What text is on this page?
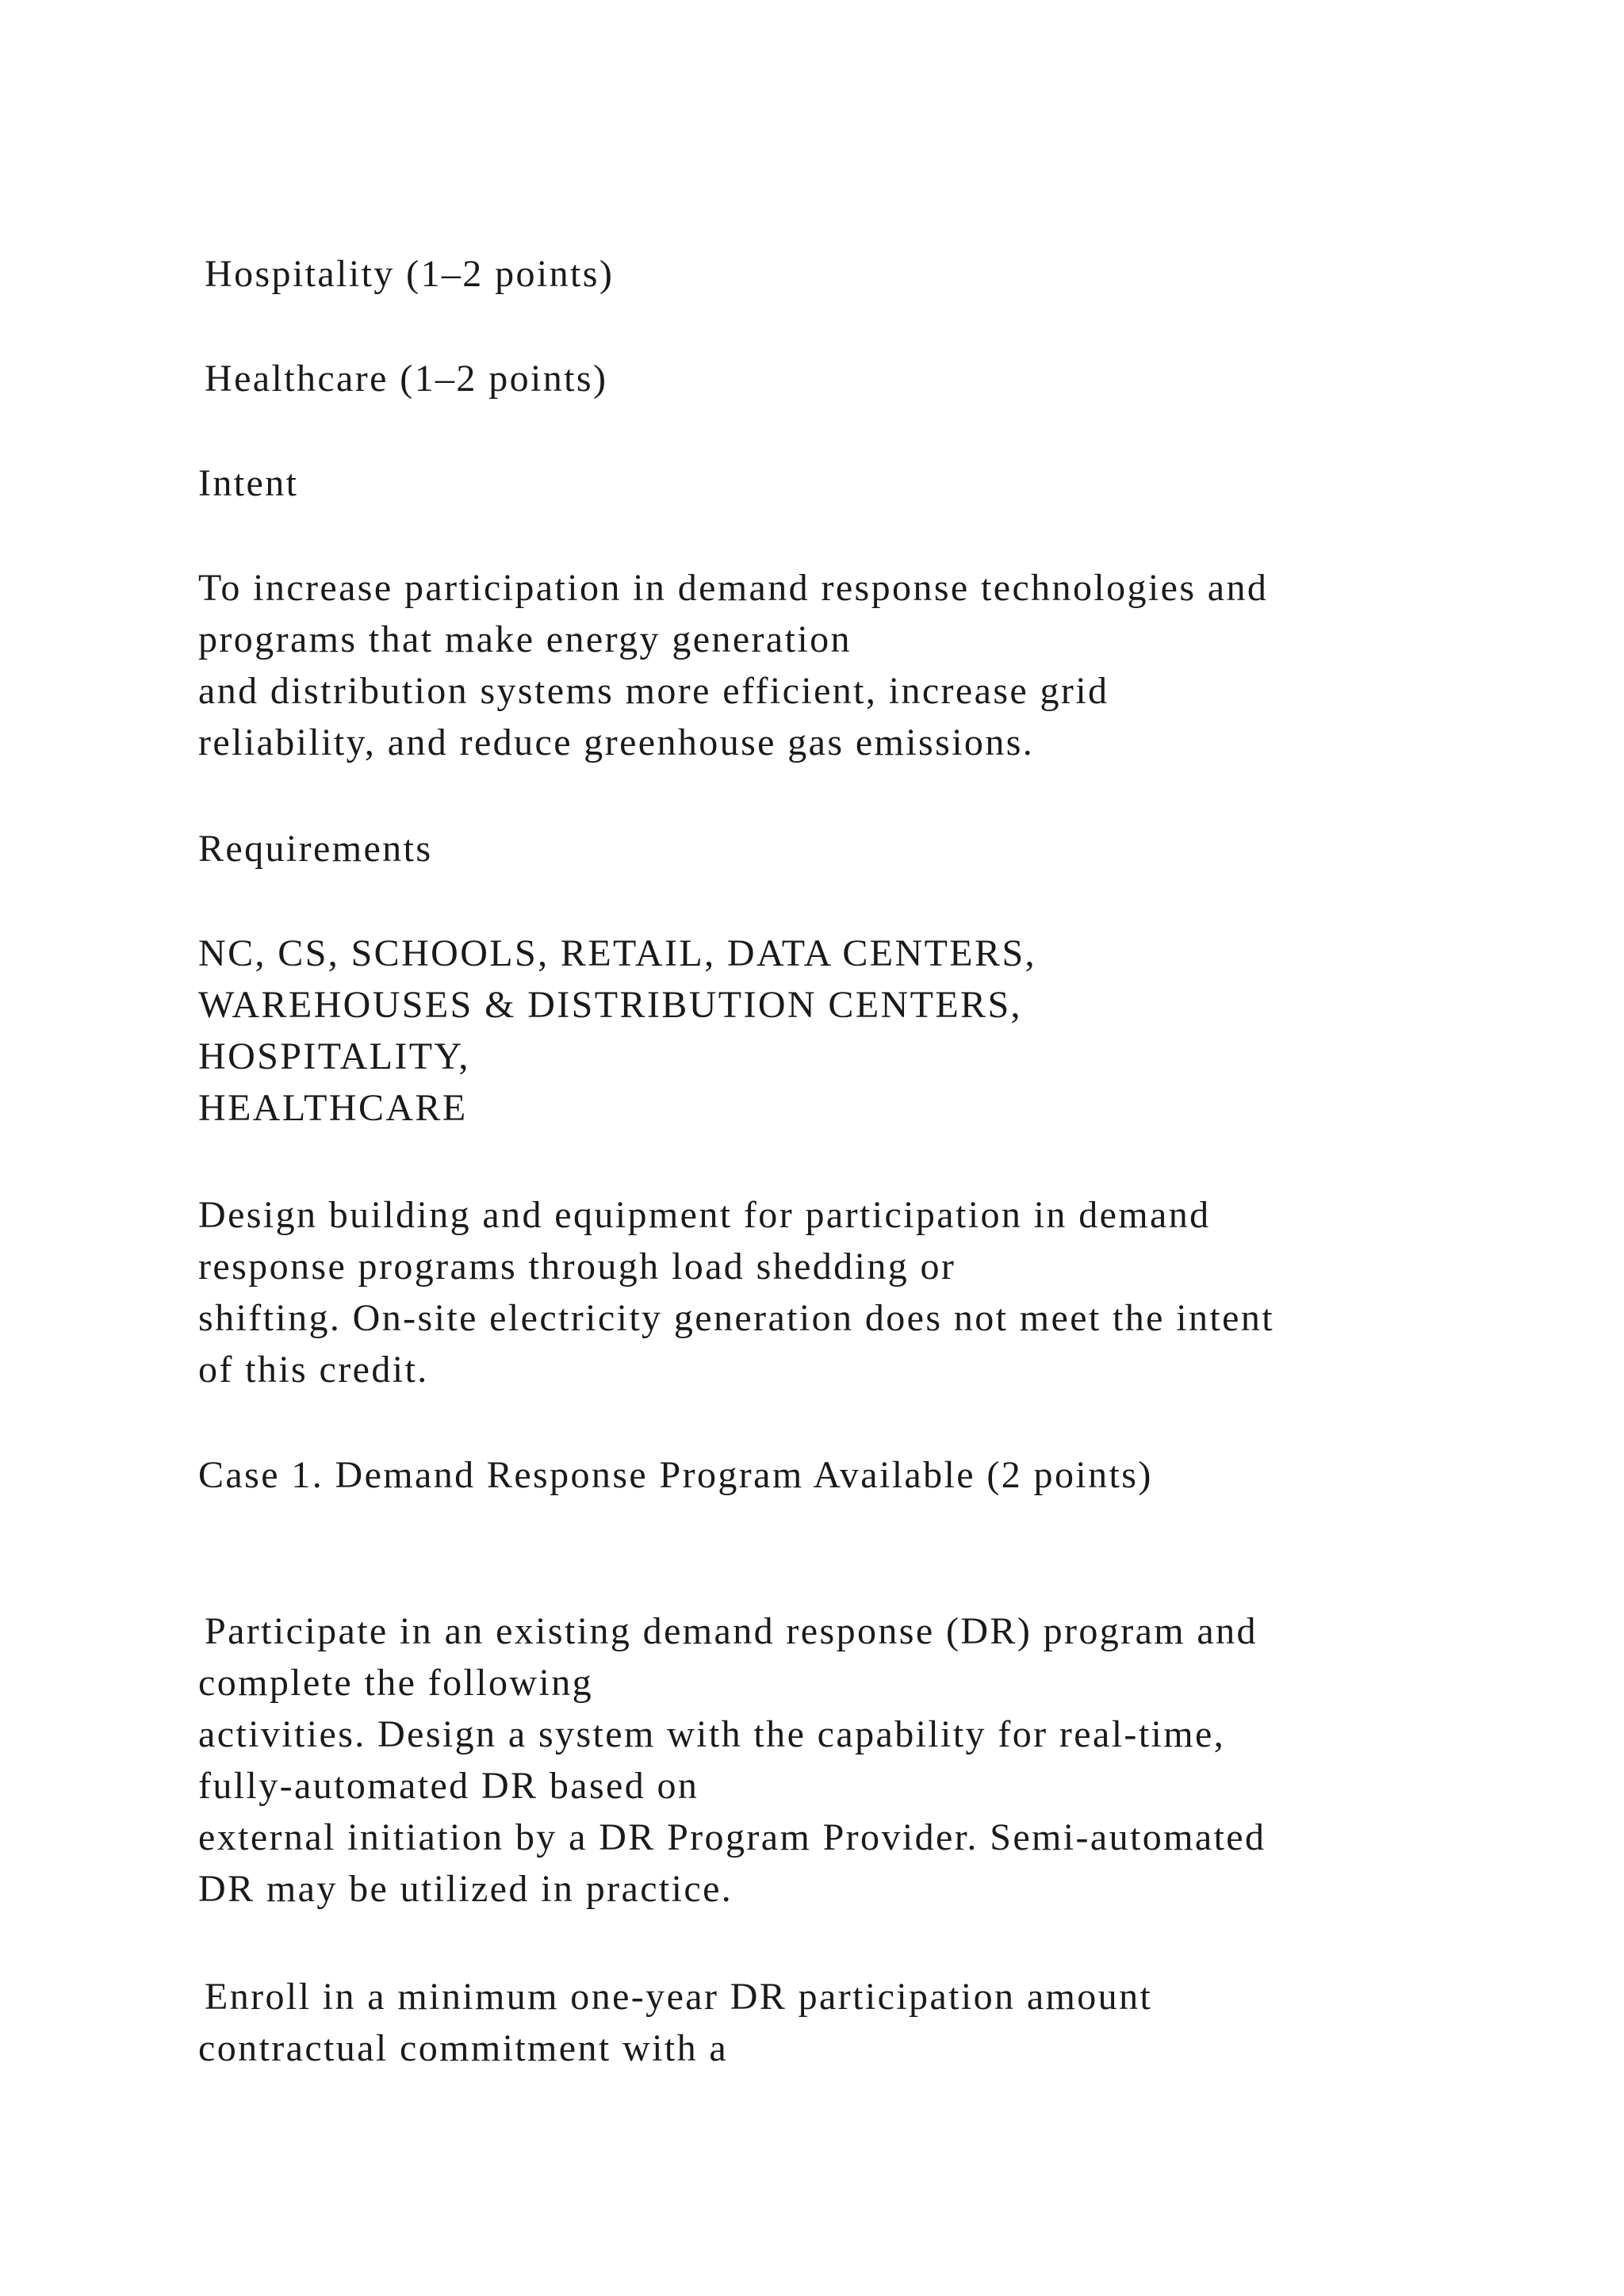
Hospitality (1–2 points)
Healthcare (1–2 points)
Intent
To increase participation in demand response technologies and
programs that make energy generation
and distribution systems more efficient, increase grid
reliability, and reduce greenhouse gas emissions.
Requirements
NC, CS, SCHOOLS, RETAIL, DATA CENTERS,
WAREHOUSES & DISTRIBUTION CENTERS,
HOSPITALITY,
HEALTHCARE
Design building and equipment for participation in demand
response programs through load shedding or
shifting. On-site electricity generation does not meet the intent
of this credit.
Case 1. Demand Response Program Available (2 points)
Participate in an existing demand response (DR) program and
complete the following
activities. Design a system with the capability for real-time,
fully-automated DR based on
external initiation by a DR Program Provider. Semi-automated
DR may be utilized in practice.
Enroll in a minimum one-year DR participation amount
contractual commitment with a
